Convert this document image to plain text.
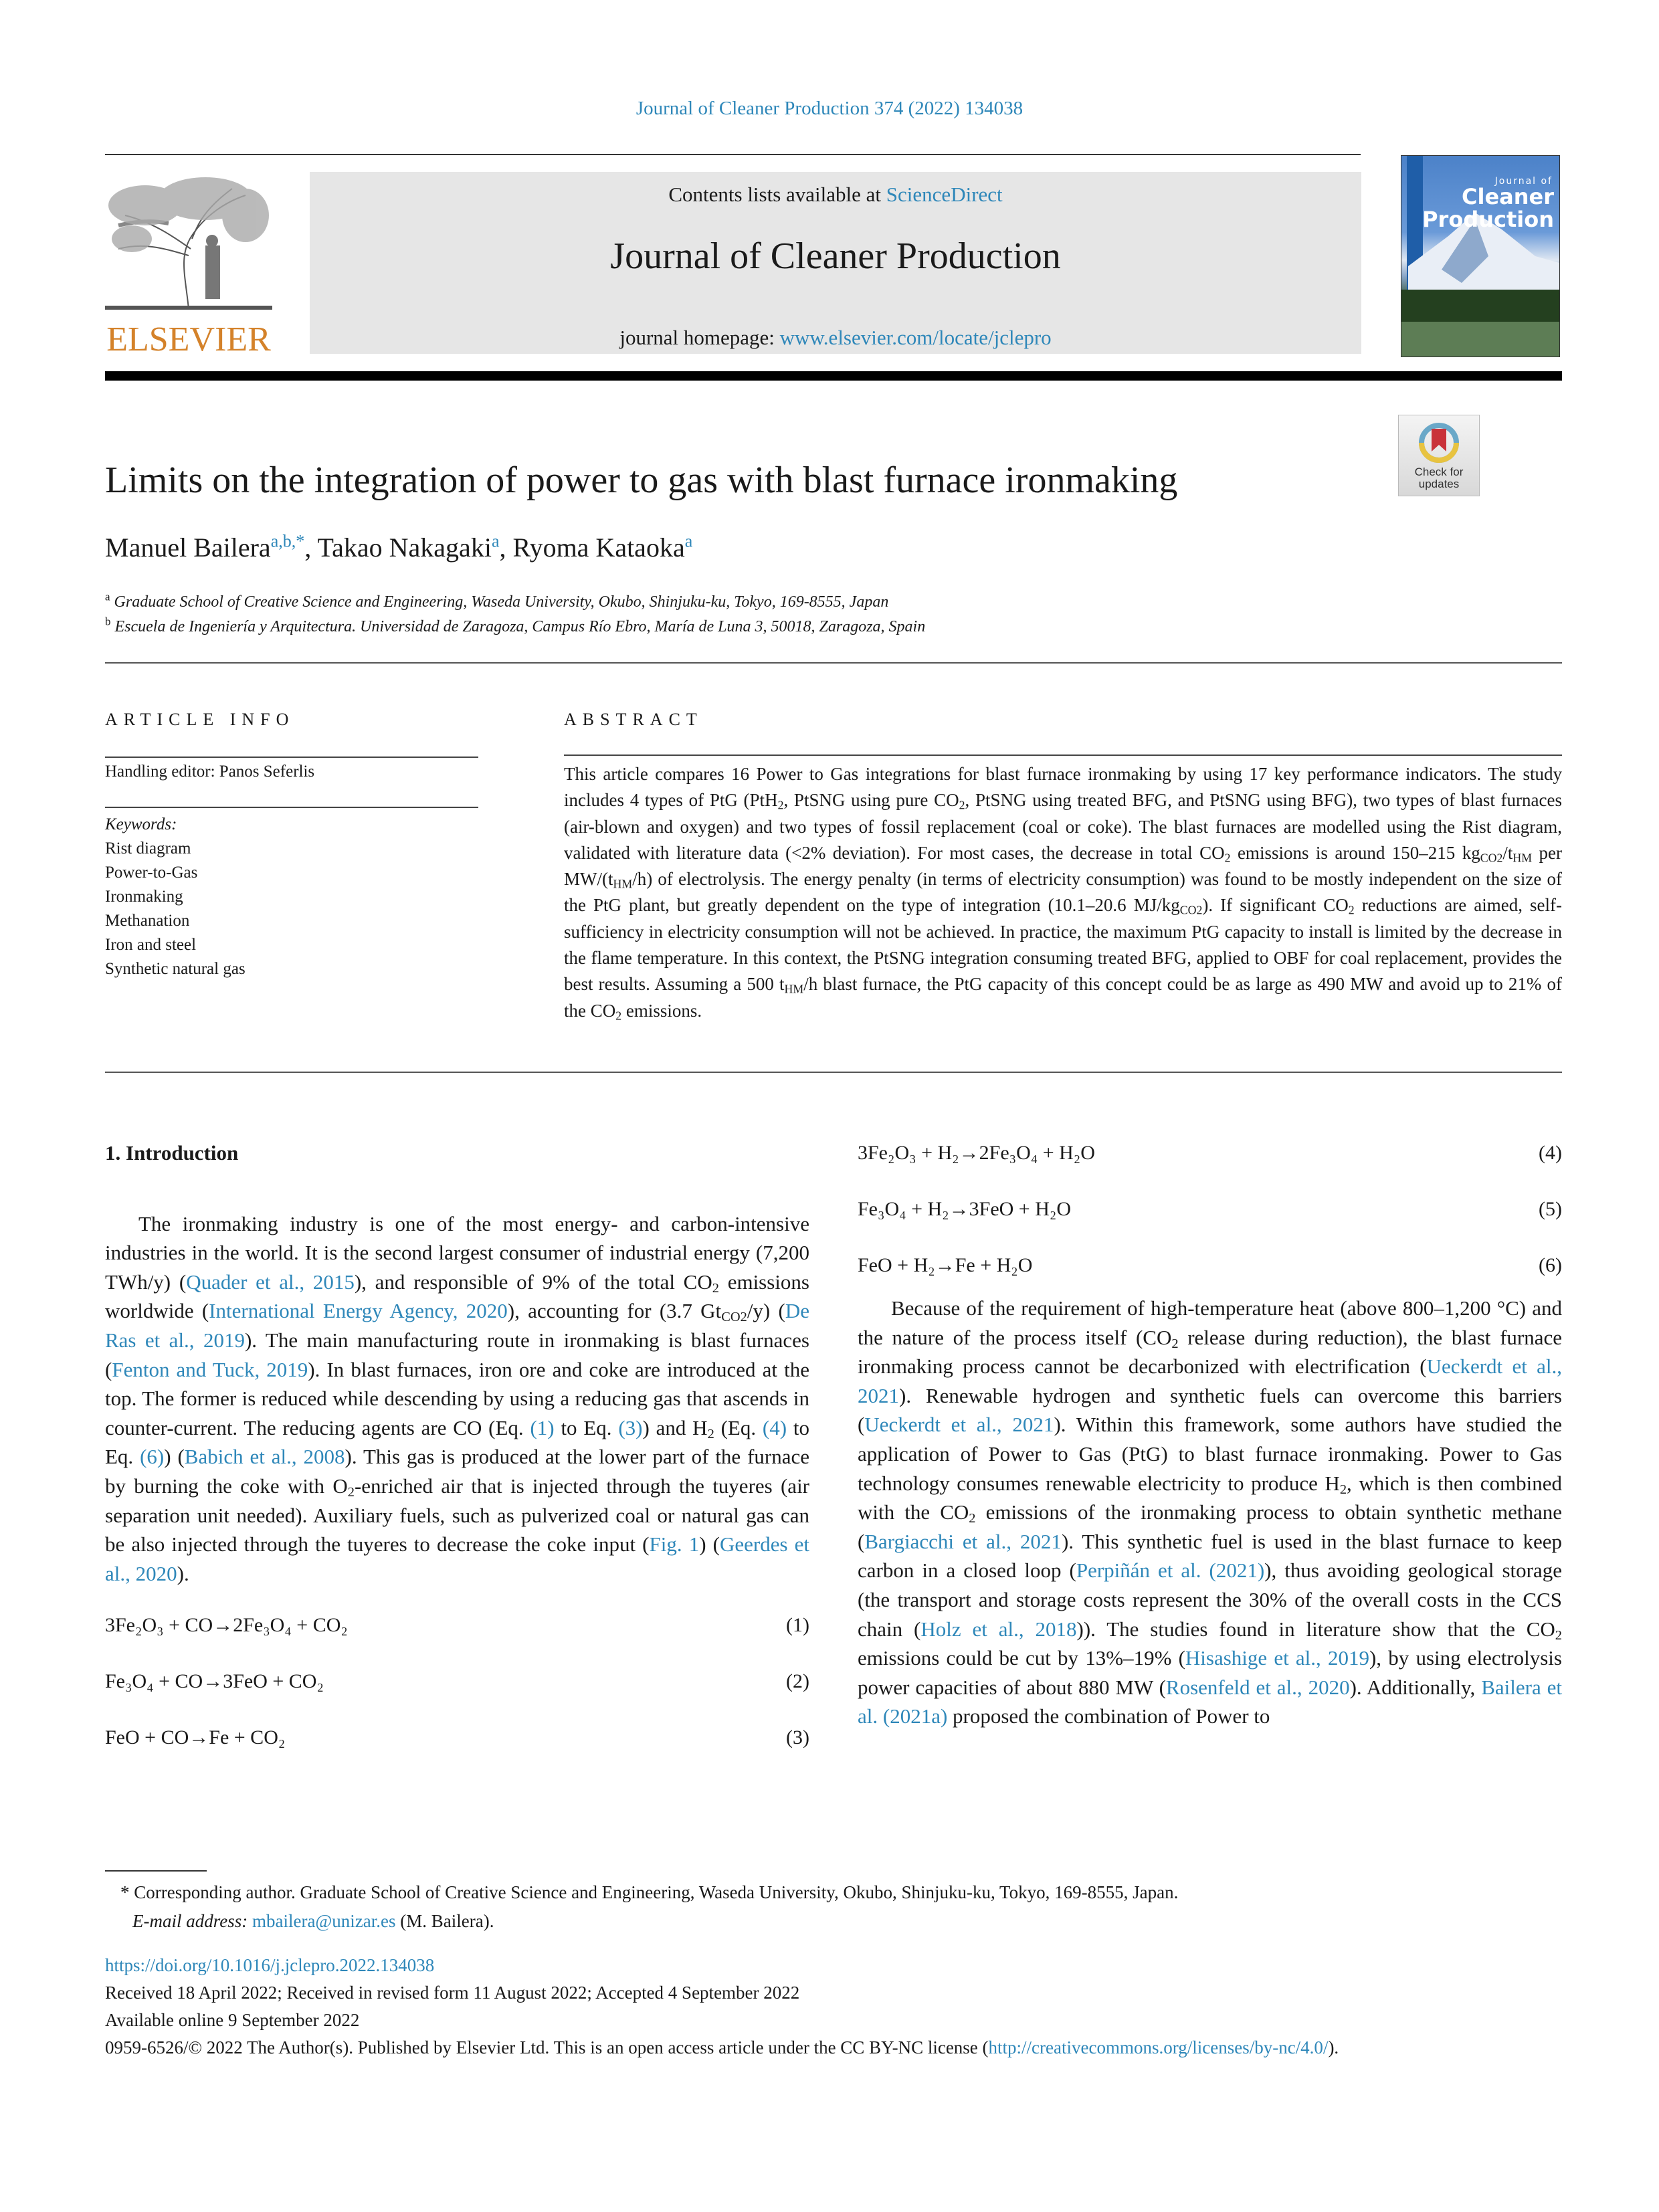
Journal of Cleaner Production 374 (2022) 134038
ELSEVIER
Contents lists available at ScienceDirect
Journal of Cleaner Production
journal homepage: www.elsevier.com/locate/jclepro
Journal of
Cleaner
Production
Limits on the integration of power to gas with blast furnace ironmaking	Check for
updates
Manuel Bailera$^{a,b,*}$, Takao Nakagaki$^a$, Ryoma Kataoka$^a$
$^a$ Graduate School of Creative Science and Engineering, Waseda University, Okubo, Shinjuku-ku, Tokyo, 169-8555, Japan
$^b$ Escuela de Ingeniería y Arquitectura. Universidad de Zaragoza, Campus Río Ebro, María de Luna 3, 50018, Zaragoza, Spain
ARTICLE INFO
Handling editor: Panos Seferlis
Keywords:
Rist diagram
Power-to-Gas
Ironmaking
Methanation
Iron and steel
Synthetic natural gas
ABSTRACT
This article compares 16 Power to Gas integrations for blast furnace ironmaking by using 17 key performance indicators. The study includes 4 types of PtG (PtH$_2$, PtSNG using pure $CO_2$, PtSNG using treated BFG, and PtSNG using BFG), two types of blast furnaces (air-blown and oxygen) and two types of fossil replacement (coal or coke). The blast furnaces are modelled using the Rist diagram, validated with literature data (<2% deviation). For most cases, the decrease in total $CO_2$ emissions is around 150–215 $kg_{CO2}/t_{HM}$ per $MW/(t_{HM}/h)$ of electrolysis. The energy penalty (in terms of electricity consumption) was found to be mostly independent on the size of the PtG plant, but greatly dependent on the type of integration (10.1–20.6 $MJ/kg_{CO2}$). If significant $CO_2$ reductions are aimed, self-sufficiency in electricity consumption will not be achieved. In practice, the maximum PtG capacity to install is limited by the decrease in the flame temperature. In this context, the PtSNG integration consuming treated BFG, applied to OBF for coal replacement, provides the best results. Assuming a 500 $t_{HM}/h$ blast furnace, the PtG capacity of this concept could be as large as 490 MW and avoid up to 21% of the $CO_2$ emissions.

1. Introduction

The ironmaking industry is one of the most energy- and carbon-intensive industries in the world. It is the second largest consumer of industrial energy (7,200 TWh/y) (Quader et al., 2015), and responsible of 9% of the total $CO_2$ emissions worldwide (International Energy Agency, 2020), accounting for (3.7 $Gt_{CO2}/y$) (De Ras et al., 2019). The main manufacturing route in ironmaking is blast furnaces (Fenton and Tuck, 2019). In blast furnaces, iron ore and coke are introduced at the top. The former is reduced while descending by using a reducing gas that ascends in counter-current. The reducing agents are CO (Eq. (1) to Eq. (3)) and $H_2$ (Eq. (4) to Eq. (6)) (Babich et al., 2008). This gas is produced at the lower part of the furnace by burning the coke with $O_2$-enriched air that is injected through the tuyeres (air separation unit needed). Auxiliary fuels, such as pulverized coal or natural gas can be also injected through the tuyeres to decrease the coke input (Fig. 1) (Geerdes et al., 2020).

3Fe₂O₃ + CO→2Fe₃O₄ + CO₂	(1)
Fe₃O₄ + CO→3FeO + CO₂	(2)
FeO + CO→Fe + CO₂	(3)
3Fe₂O₃ + H₂→2Fe₃O₄ + H₂O	(4)
Fe₃O₄ + H₂→3FeO + H₂O	(5)
FeO + H₂→Fe + H₂O	(6)

Because of the requirement of high-temperature heat (above 800–1,200 °C) and the nature of the process itself ($CO_2$ release during reduction), the blast furnace ironmaking process cannot be decarbonized with electrification (Ueckerdt et al., 2021). Renewable hydrogen and synthetic fuels can overcome this barriers (Ueckerdt et al., 2021). Within this framework, some authors have studied the application of Power to Gas (PtG) to blast furnace ironmaking. Power to Gas technology consumes renewable electricity to produce $H_2$, which is then combined with the $CO_2$ emissions of the ironmaking process to obtain synthetic methane (Bargiacchi et al., 2021). This synthetic fuel is used in the blast furnace to keep carbon in a closed loop (Perpiñán et al. (2021)), thus avoiding geological storage (the transport and storage costs represent the 30% of the overall costs in the CCS chain (Holz et al., 2018)). The studies found in literature show that the $CO_2$ emissions could be cut by 13%–19% (Hisashige et al., 2019), by using electrolysis power capacities of about 880 MW (Rosenfeld et al., 2020). Additionally, Bailera et al. (2021a) proposed the combination of Power to

* Corresponding author. Graduate School of Creative Science and Engineering, Waseda University, Okubo, Shinjuku-ku, Tokyo, 169-8555, Japan.
E-mail address: mbailera@unizar.es (M. Bailera).
https://doi.org/10.1016/j.jclepro.2022.134038
Received 18 April 2022; Received in revised form 11 August 2022; Accepted 4 September 2022
Available online 9 September 2022
0959-6526/© 2022 The Author(s). Published by Elsevier Ltd. This is an open access article under the CC BY-NC license (http://creativecommons.org/licenses/by-nc/4.0/).
